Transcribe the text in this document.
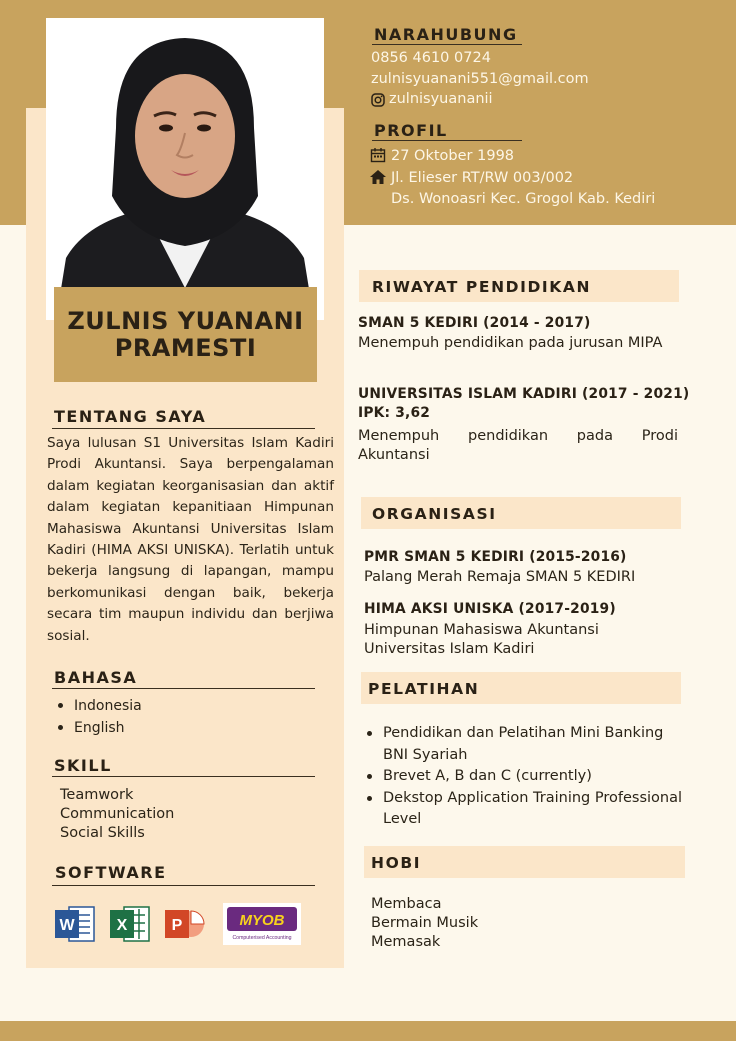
ZULNIS YUANANI
PRAMESTI
NARAHUBUNG
0856 4610 0724
zulnisyuanani551@gmail.com
zulnisyuananii
PROFIL
27 Oktober 1998
Jl. Elieser RT/RW 003/002
Ds. Wonoasri Kec. Grogol Kab. Kediri
TENTANG SAYA
Saya lulusan S1 Universitas Islam Kadiri Prodi Akuntansi. Saya berpengalaman dalam kegiatan keorganisasian dan aktif dalam kegiatan kepanitiaan Himpunan Mahasiswa Akuntansi Universitas Islam Kadiri (HIMA AKSI UNISKA). Terlatih untuk bekerja langsung di lapangan, mampu berkomunikasi dengan baik, bekerja secara tim maupun individu dan berjiwa sosial.
BAHASA
Indonesia
English
SKILL
Teamwork
Communication
Social Skills
SOFTWARE
W	X	P	MYOB
Computerised Accounting
RIWAYAT PENDIDIKAN
SMAN 5 KEDIRI (2014 - 2017)
Menempuh pendidikan pada jurusan MIPA
UNIVERSITAS ISLAM KADIRI (2017 - 2021)
IPK: 3,62
Menempuh pendidikan pada Prodi
Akuntansi
ORGANISASI
PMR SMAN 5 KEDIRI (2015-2016)
Palang Merah Remaja SMAN 5 KEDIRI
HIMA AKSI UNISKA (2017-2019)
Himpunan Mahasiswa Akuntansi
Universitas Islam Kadiri
PELATIHAN
Pendidikan dan Pelatihan Mini Banking BNI Syariah
Brevet A, B dan C (currently)
Dekstop Application Training Professional Level
HOBI
Membaca
Bermain Musik
Memasak
